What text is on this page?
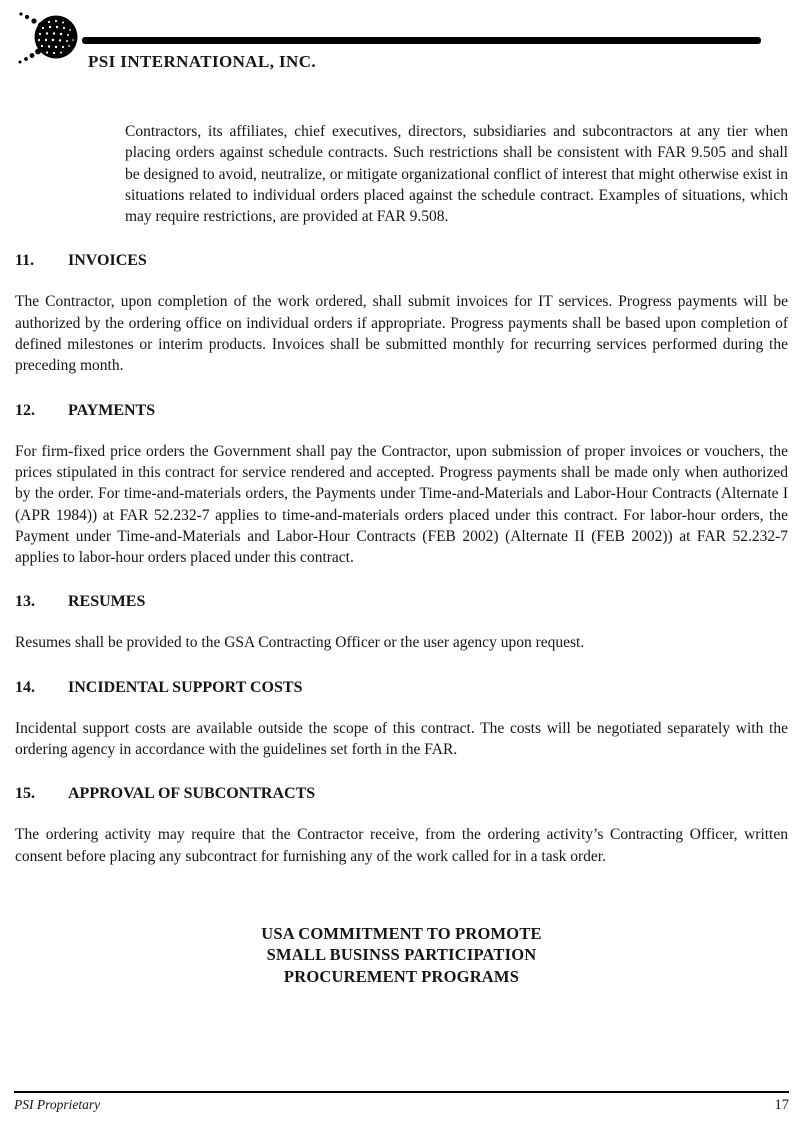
PSI INTERNATIONAL, INC.

Contractors, its affiliates, chief executives, directors, subsidiaries and subcontractors at any tier when placing orders against schedule contracts. Such restrictions shall be consistent with FAR 9.505 and shall be designed to avoid, neutralize, or mitigate organizational conflict of interest that might otherwise exist in situations related to individual orders placed against the schedule contract. Examples of situations, which may require restrictions, are provided at FAR 9.508.

11. INVOICES

The Contractor, upon completion of the work ordered, shall submit invoices for IT services. Progress payments will be authorized by the ordering office on individual orders if appropriate. Progress payments shall be based upon completion of defined milestones or interim products. Invoices shall be submitted monthly for recurring services performed during the preceding month.

12. PAYMENTS

For firm-fixed price orders the Government shall pay the Contractor, upon submission of proper invoices or vouchers, the prices stipulated in this contract for service rendered and accepted. Progress payments shall be made only when authorized by the order. For time-and-materials orders, the Payments under Time-and-Materials and Labor-Hour Contracts (Alternate I (APR 1984)) at FAR 52.232-7 applies to time-and-materials orders placed under this contract. For labor-hour orders, the Payment under Time-and-Materials and Labor-Hour Contracts (FEB 2002) (Alternate II (FEB 2002)) at FAR 52.232-7 applies to labor-hour orders placed under this contract.

13. RESUMES

Resumes shall be provided to the GSA Contracting Officer or the user agency upon request.

14. INCIDENTAL SUPPORT COSTS

Incidental support costs are available outside the scope of this contract. The costs will be negotiated separately with the ordering agency in accordance with the guidelines set forth in the FAR.

15. APPROVAL OF SUBCONTRACTS

The ordering activity may require that the Contractor receive, from the ordering activity’s Contracting Officer, written consent before placing any subcontract for furnishing any of the work called for in a task order.

USA COMMITMENT TO PROMOTE
SMALL BUSINSS PARTICIPATION
PROCUREMENT PROGRAMS
PSI Proprietary	17
